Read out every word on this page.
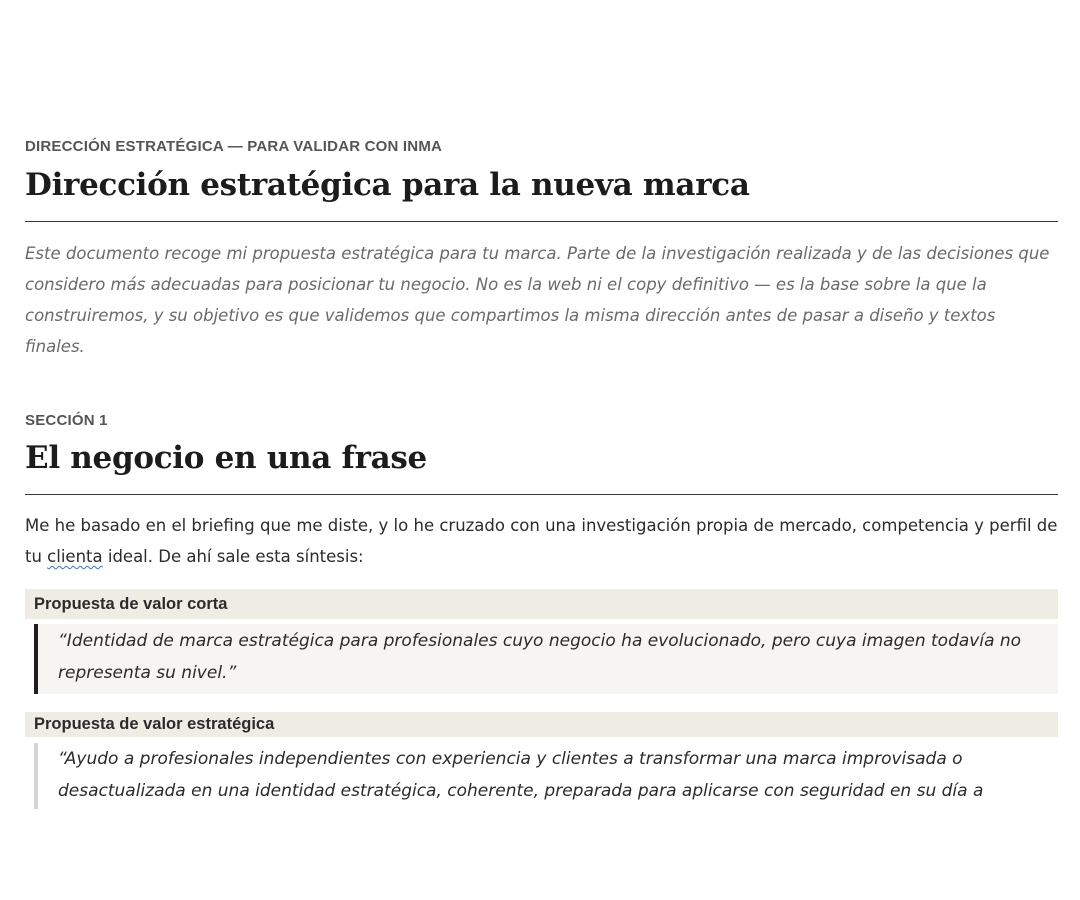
DIRECCIÓN ESTRATÉGICA — PARA VALIDAR CON INMA
Dirección estratégica para la nueva marca

Este documento recoge mi propuesta estratégica para tu marca. Parte de la investigación realizada y de las decisiones que considero más adecuadas para posicionar tu negocio. No es la web ni el copy definitivo — es la base sobre la que la construiremos, y su objetivo es que validemos que compartimos la misma dirección antes de pasar a diseño y textos finales.

SECCIÓN 1
El negocio en una frase

Me he basado en el briefing que me diste, y lo he cruzado con una investigación propia de mercado, competencia y perfil de tu clienta ideal. De ahí sale esta síntesis:

Propuesta de valor corta

“Identidad de marca estratégica para profesionales cuyo negocio ha evolucionado, pero cuya imagen todavía no representa su nivel.”

Propuesta de valor estratégica

“Ayudo a profesionales independientes con experiencia y clientes a transformar una marca improvisada o desactualizada en una identidad estratégica, coherente, preparada para aplicarse con seguridad en su día a
